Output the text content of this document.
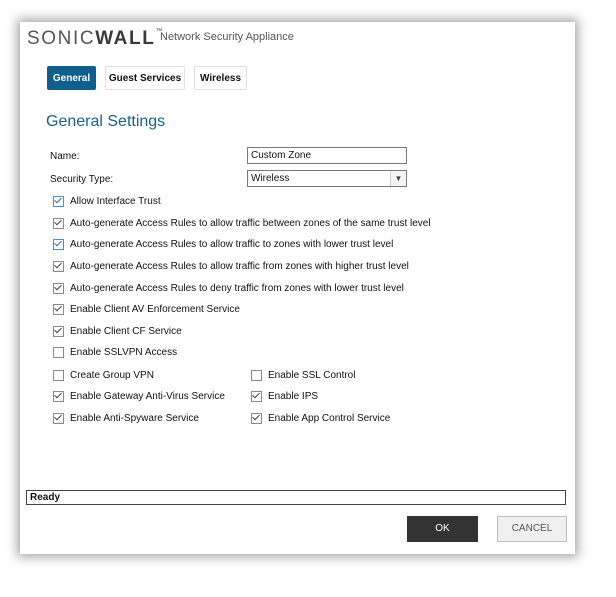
SONICWALL™
Network Security Appliance
General	Guest Services	Wireless
General Settings
Name:
Custom Zone
Security Type:	Wireless	▼
Allow Interface Trust
Auto-generate Access Rules to allow traffic between zones of the same trust level
Auto-generate Access Rules to allow traffic to zones with lower trust level
Auto-generate Access Rules to allow traffic from zones with higher trust level
Auto-generate Access Rules to deny traffic from zones with lower trust level
Enable Client AV Enforcement Service
Enable Client CF Service
Enable SSLVPN Access
Create Group VPN
Enable Gateway Anti-Virus Service
Enable Anti-Spyware Service
Enable SSL Control
Enable IPS
Enable App Control Service
Ready
OK	CANCEL
